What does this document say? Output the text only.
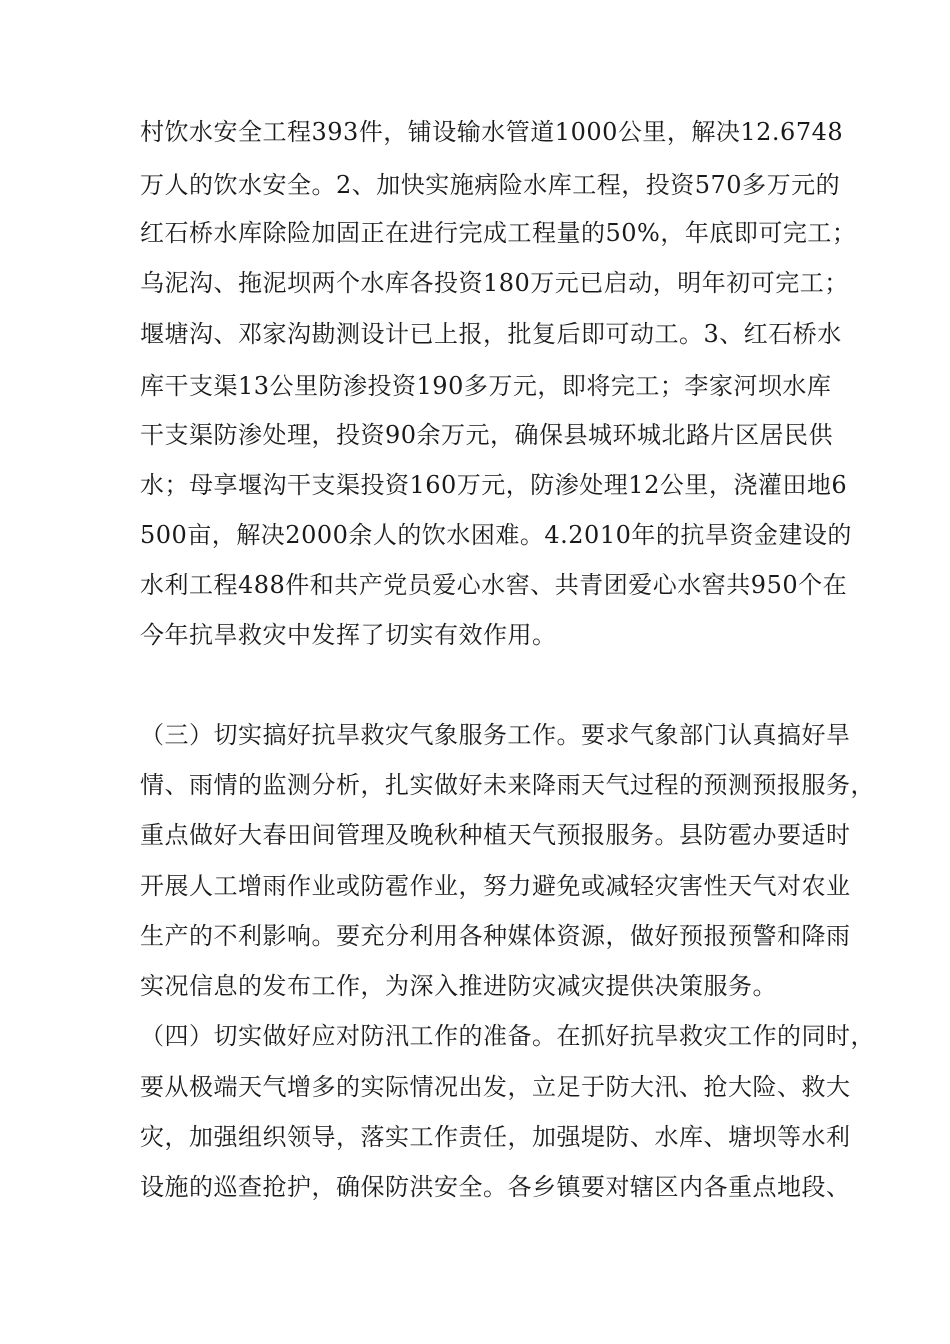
村饮水安全工程393件，铺设输水管道1000公里，解决12.6748
万人的饮水安全。2、加快实施病险水库工程，投资570多万元的
红石桥水库除险加固正在进行完成工程量的50%，年底即可完工；
乌泥沟、拖泥坝两个水库各投资180万元已启动，明年初可完工；
堰塘沟、邓家沟勘测设计已上报，批复后即可动工。3、红石桥水
库干支渠13公里防渗投资190多万元，即将完工；李家河坝水库
干支渠防渗处理，投资90余万元，确保县城环城北路片区居民供
水；母享堰沟干支渠投资160万元，防渗处理12公里，浇灌田地6
500亩，解决2000余人的饮水困难。4.2010年的抗旱资金建设的
水利工程488件和共产党员爱心水窖、共青团爱心水窖共950个在
今年抗旱救灾中发挥了切实有效作用。
（三）切实搞好抗旱救灾气象服务工作。要求气象部门认真搞好旱
情、雨情的监测分析，扎实做好未来降雨天气过程的预测预报服务，
重点做好大春田间管理及晚秋种植天气预报服务。县防雹办要适时
开展人工增雨作业或防雹作业，努力避免或减轻灾害性天气对农业
生产的不利影响。要充分利用各种媒体资源，做好预报预警和降雨
实况信息的发布工作，为深入推进防灾减灾提供决策服务。
（四）切实做好应对防汛工作的准备。在抓好抗旱救灾工作的同时，
要从极端天气增多的实际情况出发，立足于防大汛、抢大险、救大
灾，加强组织领导，落实工作责任，加强堤防、水库、塘坝等水利
设施的巡查抢护，确保防洪安全。各乡镇要对辖区内各重点地段、
